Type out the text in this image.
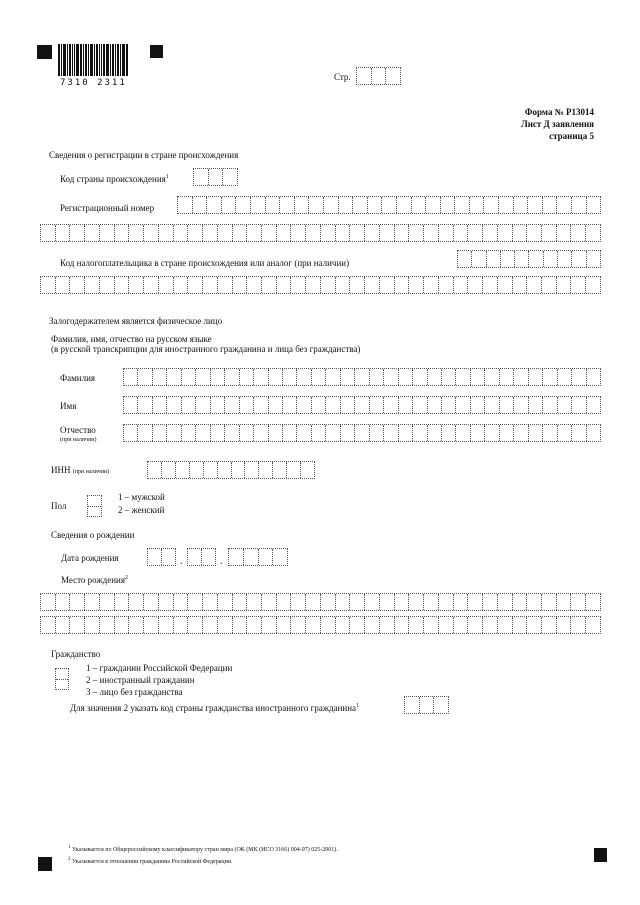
7310 2311
Стр.
Форма № Р13014
Лист Д заявления
страница 5
Сведения о регистрации в стране происхождения
Код страны происхождения$^1$
Регистрационный номер
Код налогоплательщика в стране происхождения или аналог (при наличии)
Залогодержателем является физическое лицо
Фамилия, имя, отчество на русском языке
(в русской транскрипции для иностранного гражданина и лица без гражданства)
Фамилия
Имя
Отчество
(при наличии)
ИНН (при наличии)
Пол
1 – мужской
2 – женский
Сведения о рождении
Дата рождения	.	.
Место рождения$^2$
Гражданство
1 – гражданин Российской Федерации
2 – иностранный гражданин
3 – лицо без гражданства
Для значения 2 указать код страны гражданства иностранного гражданина$^1$
$^1$ Указывается по Общероссийскому классификатору стран мира (ОК (МК (ИСО 3166) 004-97) 025-2001).
$^2$ Указывается в отношении гражданина Российской Федерации.
